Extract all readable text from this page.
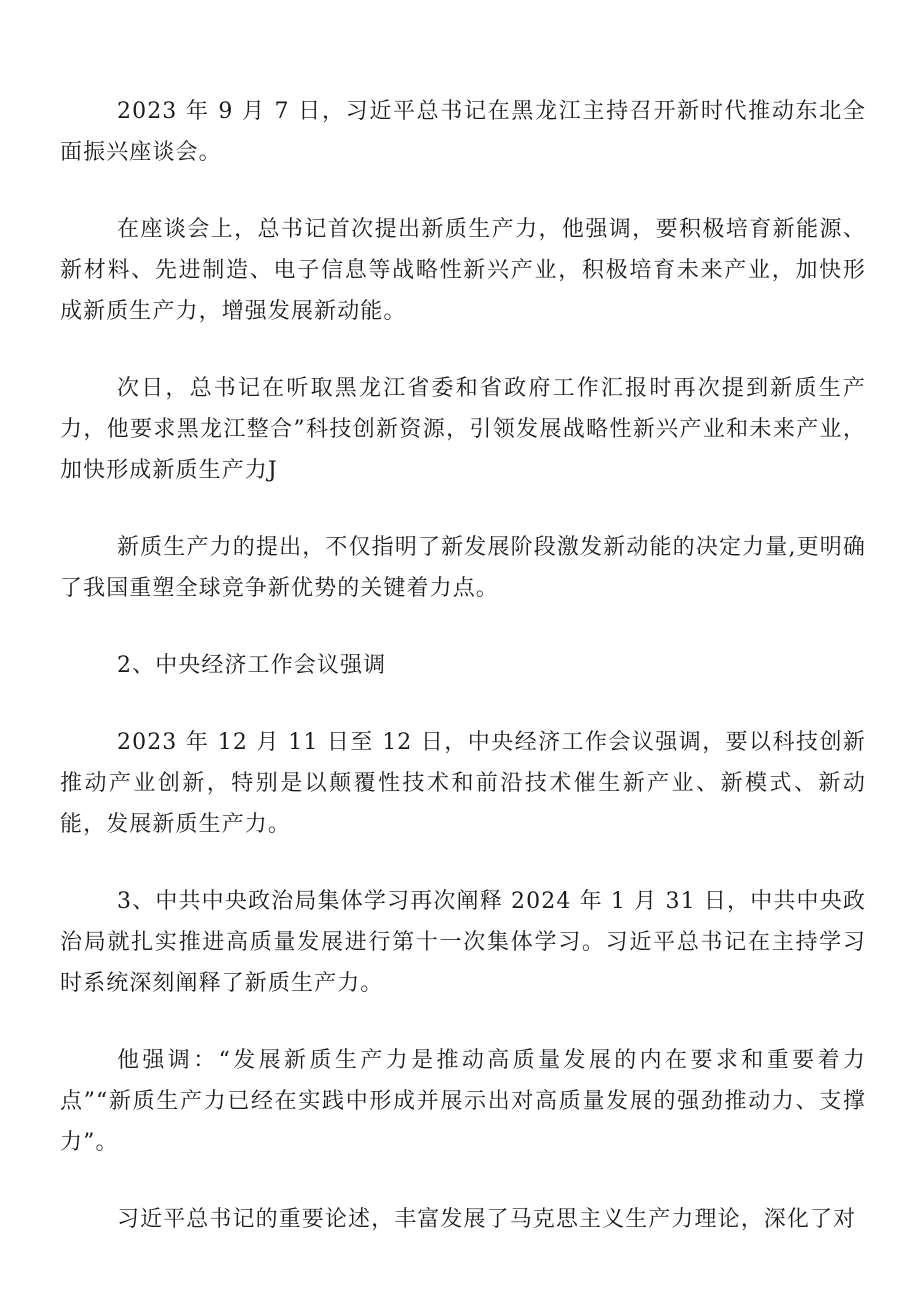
2023 年 9 月 7 日，习近平总书记在黑龙江主持召开新时代推动东北全面振兴座谈会。

在座谈会上，总书记首次提出新质生产力，他强调，要积极培育新能源、新材料、先进制造、电子信息等战略性新兴产业，积极培育未来产业，加快形成新质生产力，增强发展新动能。

次日，总书记在听取黑龙江省委和省政府工作汇报时再次提到新质生产力，他要求黑龙江整合”科技创新资源，引领发展战略性新兴产业和未来产业，加快形成新质生产力J

新质生产力的提出，不仅指明了新发展阶段激发新动能的决定力量,更明确了我国重塑全球竞争新优势的关键着力点。

2、中央经济工作会议强调

2023 年 12 月 11 日至 12 日，中央经济工作会议强调，要以科技创新推动产业创新，特别是以颠覆性技术和前沿技术催生新产业、新模式、新动能，发展新质生产力。

3、中共中央政治局集体学习再次阐释 2024 年 1 月 31 日，中共中央政治局就扎实推进高质量发展进行第十一次集体学习。习近平总书记在主持学习时系统深刻阐释了新质生产力。

他强调：“发展新质生产力是推动高质量发展的内在要求和重要着力点”“新质生产力已经在实践中形成并展示出对高质量发展的强劲推动力、支撑力”。

习近平总书记的重要论述，丰富发展了马克思主义生产力理论，深化了对
